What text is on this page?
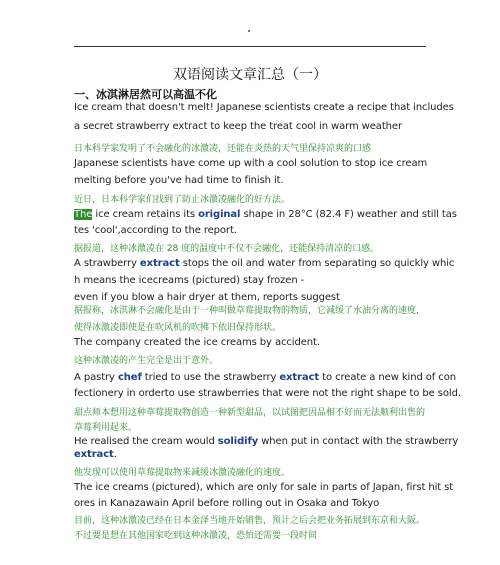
双语阅读文章汇总（一）
一、冰淇淋居然可以高温不化
Ice cream that doesn't melt! Japanese scientists create a recipe that includes
a secret strawberry extract to keep the treat cool in warm weather
日本科学家发明了不会融化的冰激凌，还能在炎热的天气里保持凉爽的口感
Japanese scientists have come up with a cool solution to stop ice cream
melting before you've had time to finish it.
近日，日本科学家们找到了防止冰激凌融化的好方法。
The ice cream retains its original shape in 28°C (82.4 F) weather and still tas
tes 'cool',according to the report.
据报道，这种冰激凌在 28 度的温度中不仅不会融化，还能保持清凉的口感。
A strawberry extract stops the oil and water from separating so quickly whic
h means the icecreams (pictured) stay frozen -
even if you blow a hair dryer at them, reports suggest
据报称，冰淇淋不会融化是由于一种叫做草莓提取物的物质，它减缓了水油分离的速度，
使得冰激凌即使是在吹风机的吹拂下依旧保持形状。
The company created the ice creams by accident.
这种冰激凌的产生完全是出于意外。
A pastry chef tried to use the strawberry extract to create a new kind of con
fectionery in orderto use strawberries that were not the right shape to be sold.
甜点师本想用这种草莓提取物创造一种新型甜品，以试图把因品相不好而无法顺利出售的
草莓利用起来。
He realised the cream would solidify when put in contact with the strawberry
extract.
他发现可以使用草莓提取物来减缓冰激凌融化的速度。
The ice creams (pictured), which are only for sale in parts of Japan, first hit st
ores in Kanazawain April before rolling out in Osaka and Tokyo
目前，这种冰激凌已经在日本金泽当地开始销售，预计之后会把业务拓展到东京和大阪。
不过要是想在其他国家吃到这种冰激凌，恐怕还需要一段时间
